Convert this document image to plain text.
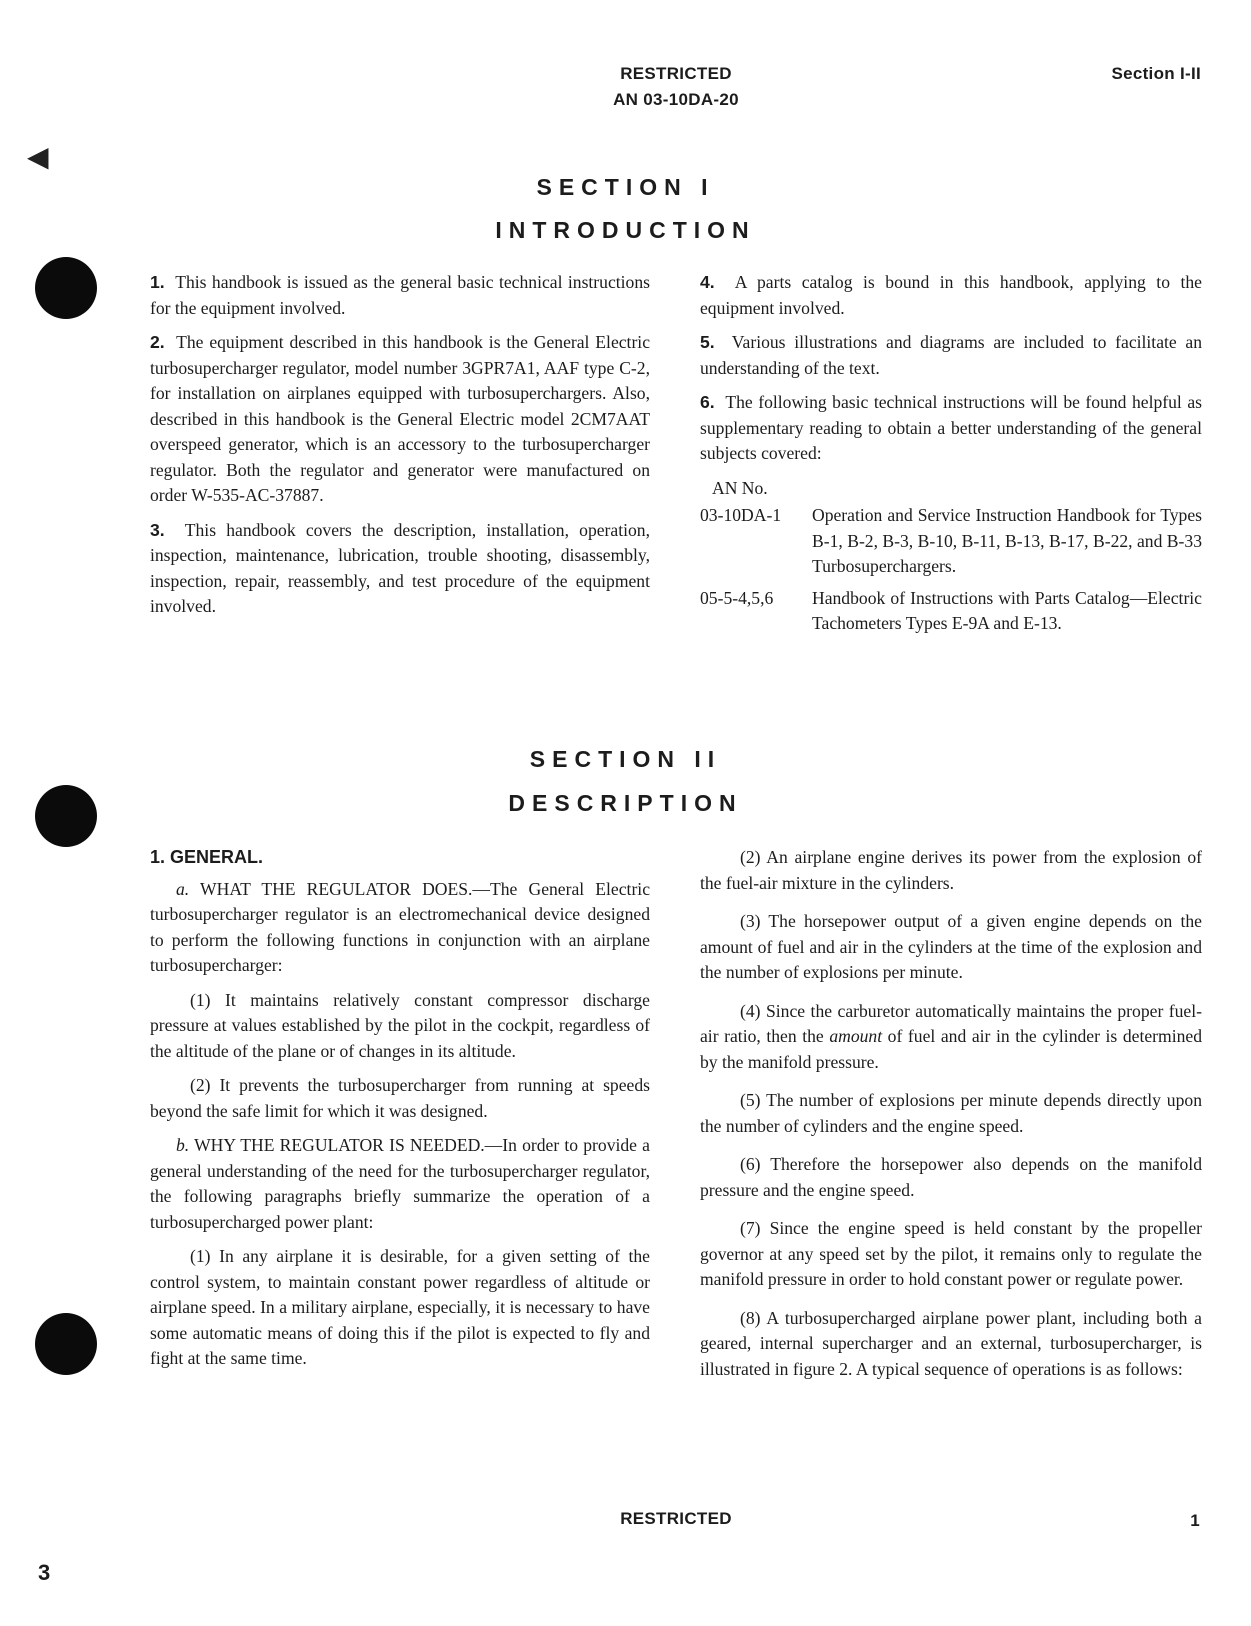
◀
RESTRICTED
AN 03-10DA-20
Section I-II
SECTION I
INTRODUCTION

1. This handbook is issued as the general basic technical instructions for the equipment involved.

2. The equipment described in this handbook is the General Electric turbosupercharger regulator, model number 3GPR7A1, AAF type C-2, for installation on airplanes equipped with turbosuperchargers. Also, described in this handbook is the General Electric model 2CM7AAT overspeed generator, which is an accessory to the turbosupercharger regulator. Both the regulator and generator were manufactured on order W-535-AC-37887.

3. This handbook covers the description, installation, operation, inspection, maintenance, lubrication, trouble shooting, disassembly, inspection, repair, reassembly, and test procedure of the equipment involved.

4. A parts catalog is bound in this handbook, applying to the equipment involved.

5. Various illustrations and diagrams are included to facilitate an understanding of the text.

6. The following basic technical instructions will be found helpful as supplementary reading to obtain a better understanding of the general subjects covered:

AN No.
03-10DA-1	Operation and Service Instruction Handbook for Types B-1, B-2, B-3, B-10, B-11, B-13, B-17, B-22, and B-33 Turbosuperchargers.
05-5-4,5,6	Handbook of Instructions with Parts Catalog—Electric Tachometers Types E-9A and E-13.
SECTION II
DESCRIPTION

1. GENERAL.

a. WHAT THE REGULATOR DOES.—The General Electric turbosupercharger regulator is an electromechanical device designed to perform the following functions in conjunction with an airplane turbosupercharger:

(1) It maintains relatively constant compressor discharge pressure at values established by the pilot in the cockpit, regardless of the altitude of the plane or of changes in its altitude.

(2) It prevents the turbosupercharger from running at speeds beyond the safe limit for which it was designed.

b. WHY THE REGULATOR IS NEEDED.—In order to provide a general understanding of the need for the turbosupercharger regulator, the following paragraphs briefly summarize the operation of a turbosupercharged power plant:

(1) In any airplane it is desirable, for a given setting of the control system, to maintain constant power regardless of altitude or airplane speed. In a military airplane, especially, it is necessary to have some automatic means of doing this if the pilot is expected to fly and fight at the same time.

(2) An airplane engine derives its power from the explosion of the fuel-air mixture in the cylinders.

(3) The horsepower output of a given engine depends on the amount of fuel and air in the cylinders at the time of the explosion and the number of explosions per minute.

(4) Since the carburetor automatically maintains the proper fuel-air ratio, then the amount of fuel and air in the cylinder is determined by the manifold pressure.

(5) The number of explosions per minute depends directly upon the number of cylinders and the engine speed.

(6) Therefore the horsepower also depends on the manifold pressure and the engine speed.

(7) Since the engine speed is held constant by the propeller governor at any speed set by the pilot, it remains only to regulate the manifold pressure in order to hold constant power or regulate power.

(8) A turbosupercharged airplane power plant, including both a geared, internal supercharger and an external, turbosupercharger, is illustrated in figure 2. A typical sequence of operations is as follows:

RESTRICTED	1
3
